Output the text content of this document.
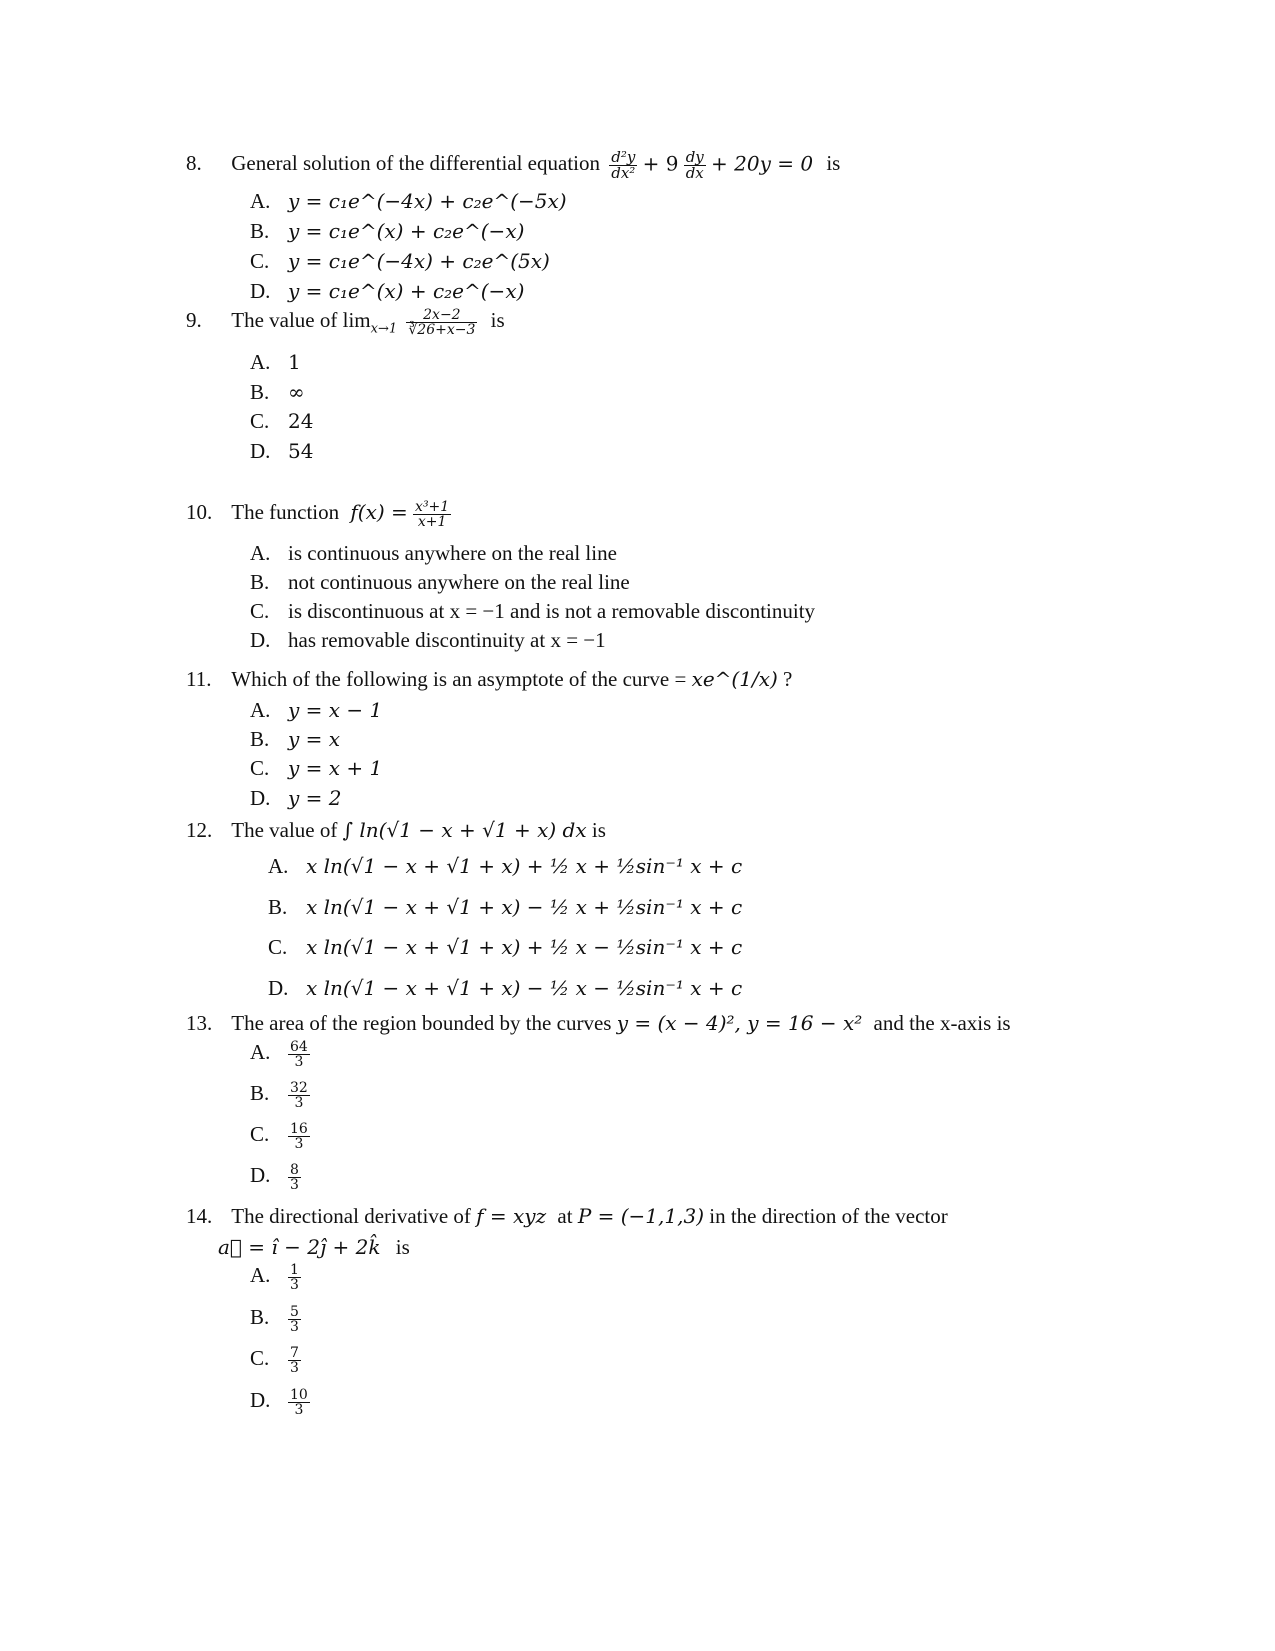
8. General solution of the differential equation $\frac{\text{d²y}}{\text{dx²}} + 9 \frac{dy}{dx} + 20y = 0$ is
A. y = c₁e^(−4x) + c₂e^(−5x)
B. y = c₁e^(x) + c₂e^(−x)
C. y = c₁e^(−4x) + c₂e^(5x)
D. y = c₁e^(x) + c₂e^(−x)
9. The value of $\lim_{x\to 1} \frac{2x-2}{∛26+x-3}$ is
A. 1
B. ∞
C. 24
D. 54
10. The function $f(x) = \frac{\text{x³+1}}{x+1}$
A. is continuous anywhere on the real line
B. not continuous anywhere on the real line
C. is discontinuous at x = −1 and is not a removable discontinuity
D. has removable discontinuity at x = −1
11. Which of the following is an asymptote of the curve = xe^(1/x) ?
A. y = x − 1
B. y = x
C. y = x + 1
D. y = 2
12. The value of ∫ ln(√1 − x + √1 + x) dx is
A. x ln(√1 − x + √1 + x) + ½ x + ½sin⁻¹ x + c
B. x ln(√1 − x + √1 + x) − ½ x + ½sin⁻¹ x + c
C. x ln(√1 − x + √1 + x) + ½ x − ½sin⁻¹ x + c
D. x ln(√1 − x + √1 + x) − ½ x − ½sin⁻¹ x + c
13. The area of the region bounded by the curves y = (x − 4)², y = 16 − x² and the x-axis is
A. $\frac{64}{3}$
B. $\frac{32}{3}$
C. $\frac{16}{3}$
D. $\frac{8}{3}$
14. The directional derivative of f = xyz at P = (−1,1,3) in the direction of the vector
a⃗ = î − 2ĵ + 2k̂ is
A. $\frac{1}{3}$
B. $\frac{5}{3}$
C. $\frac{7}{3}$
D. $\frac{10}{3}$
